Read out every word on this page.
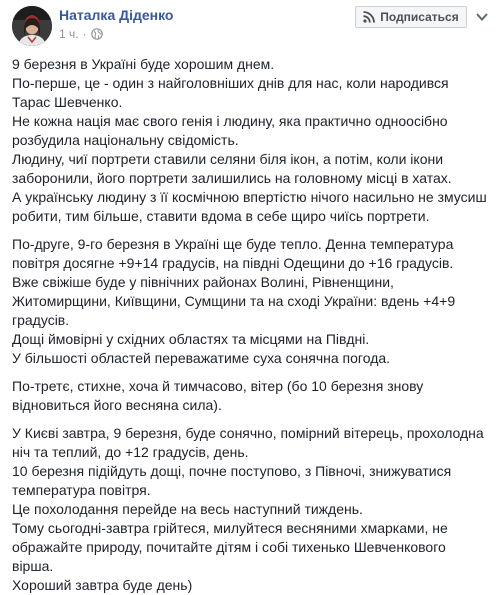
Наталка Діденко
1 ч. ·
Подписаться
9 березня в Україні буде хорошим днем.
По-перше, це - один з найголовніших днів для нас, коли народився
Тарас Шевченко.
Не кожна нація має свого генія і людину, яка практично одноосібно
розбудила національну свідомість.
Людину, чиї портрети ставили селяни біля ікон, а потім, коли ікони
заборонили, його портрети залишились на головному місці в хатах.
А українську людину з її космічною впертістю нічого насильно не змусиш
робити, тим більше, ставити вдома в себе щиро чиїсь портрети.
По-друге, 9-го березня в Україні ще буде тепло. Денна температура
повітря досягне +9+14 градусів, на півдні Одещини до +16 градусів.
Вже свіжіше буде у північних районах Волині, Рівненщини,
Житомирщини, Київщини, Сумщини та на сході України: вдень +4+9
градусів.
Дощі ймовірні у східних областях та місцями на Півдні.
У більшості областей переважатиме суха сонячна погода.
По-третє, стихне, хоча й тимчасово, вітер (бо 10 березня знову
відновиться його весняна сила).
У Києві завтра, 9 березня, буде сонячно, помірний вітерець, прохолодна
ніч та теплий, до +12 градусів, день.
10 березня підійдуть дощі, почне поступово, з Півночі, знижуватися
температура повітря.
Це похолодання перейде на весь наступний тиждень.
Тому сьогодні-завтра грійтеся, милуйтеся весняними хмарками, не
ображайте природу, почитайте дітям і собі тихенько Шевченкового
вірша.
Хороший завтра буде день)
